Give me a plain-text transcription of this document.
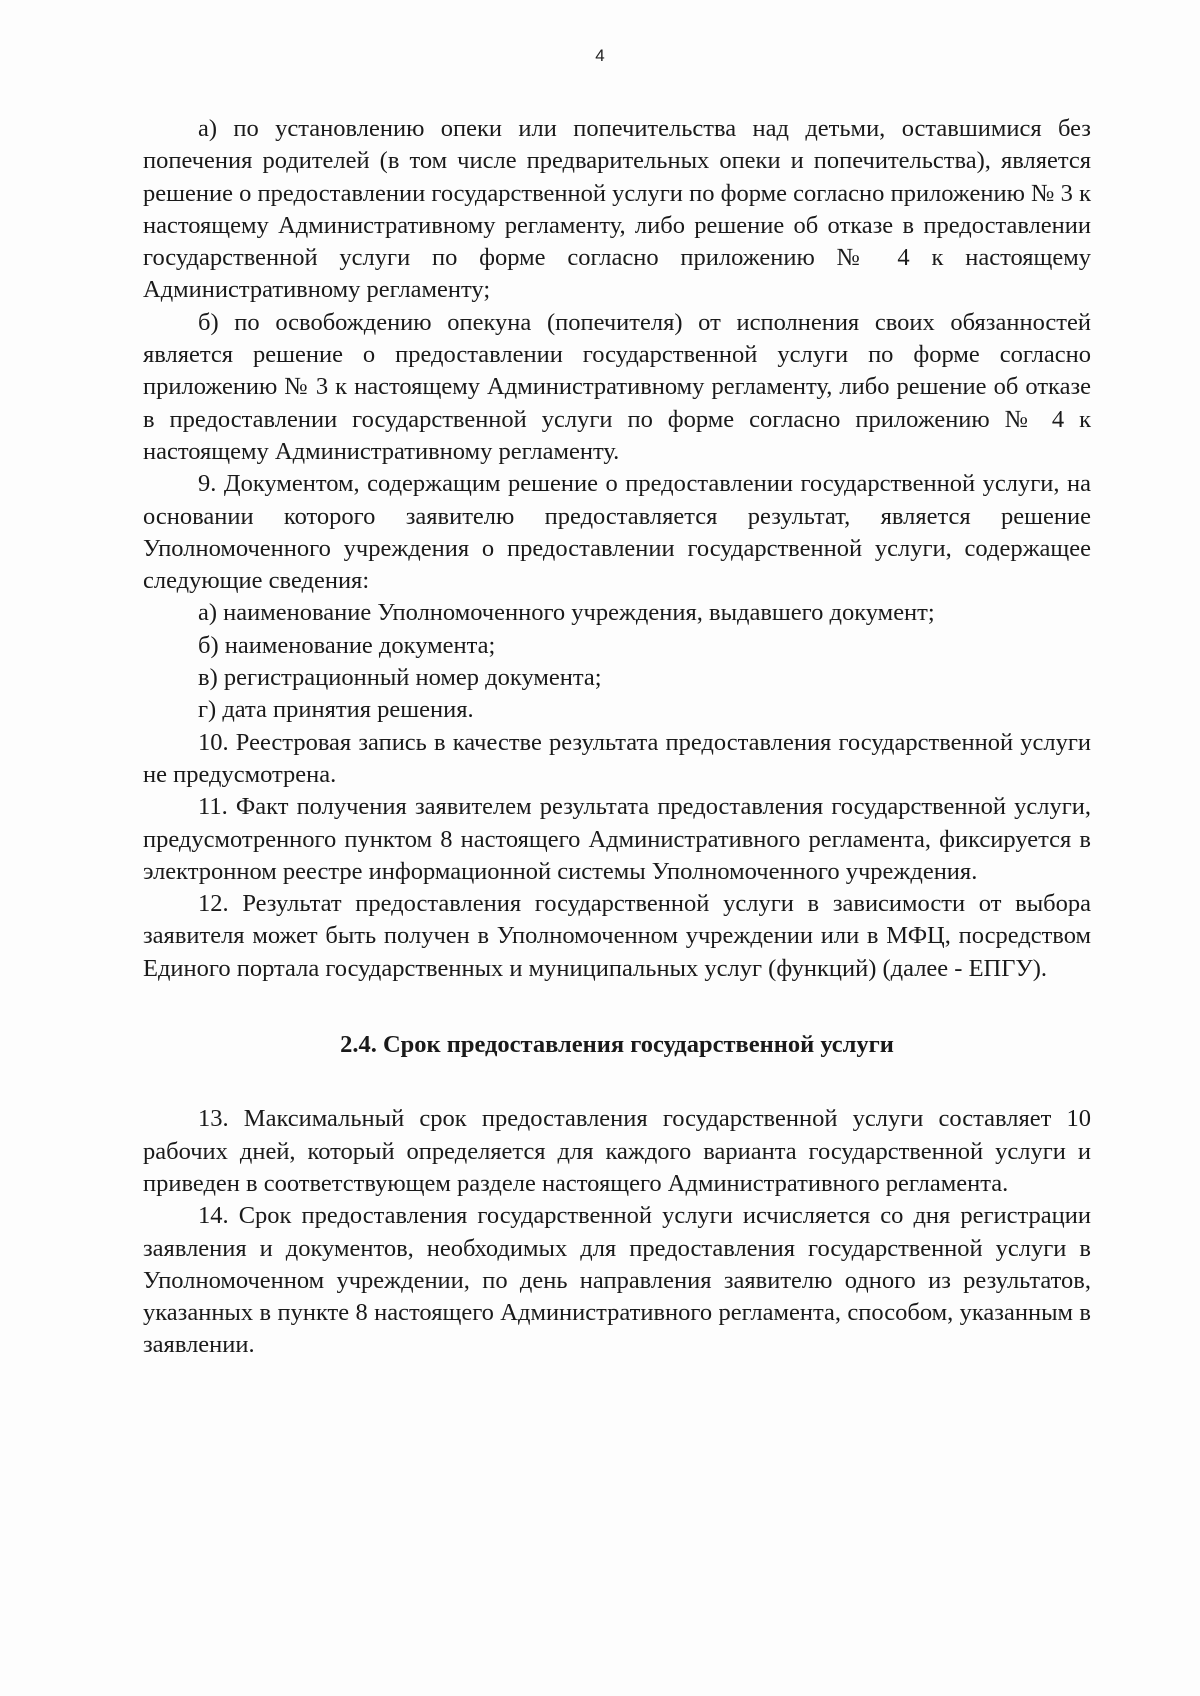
4

а) по установлению опеки или попечительства над детьми, оставшимися без попечения родителей (в том числе предварительных опеки и попечительства), является решение о предоставлении государственной услуги по форме согласно приложению № 3 к настоящему Административному регламенту, либо решение об отказе в предоставлении государственной услуги по форме согласно приложению № 4 к настоящему Административному регламенту;

б) по освобождению опекуна (попечителя) от исполнения своих обязанностей является решение о предоставлении государственной услуги по форме согласно приложению № 3 к настоящему Административному регламенту, либо решение об отказе в предоставлении государственной услуги по форме согласно приложению № 4 к настоящему Административному регламенту.

9. Документом, содержащим решение о предоставлении государственной услуги, на основании которого заявителю предоставляется результат, является решение Уполномоченного учреждения о предоставлении государственной услуги, содержащее следующие сведения:

а) наименование Уполномоченного учреждения, выдавшего документ;

б) наименование документа;

в) регистрационный номер документа;

г) дата принятия решения.

10. Реестровая запись в качестве результата предоставления государственной услуги не предусмотрена.

11. Факт получения заявителем результата предоставления государственной услуги, предусмотренного пунктом 8 настоящего Административного регламента, фиксируется в электронном реестре информационной системы Уполномоченного учреждения.

12. Результат предоставления государственной услуги в зависимости от выбора заявителя может быть получен в Уполномоченном учреждении или в МФЦ, посредством Единого портала государственных и муниципальных услуг (функций) (далее - ЕПГУ).

2.4. Срок предоставления государственной услуги

13. Максимальный срок предоставления государственной услуги составляет 10 рабочих дней, который определяется для каждого варианта государственной услуги и приведен в соответствующем разделе настоящего Административного регламента.

14. Срок предоставления государственной услуги исчисляется со дня регистрации заявления и документов, необходимых для предоставления государственной услуги в Уполномоченном учреждении, по день направления заявителю одного из результатов, указанных в пункте 8 настоящего Административного регламента, способом, указанным в заявлении.
